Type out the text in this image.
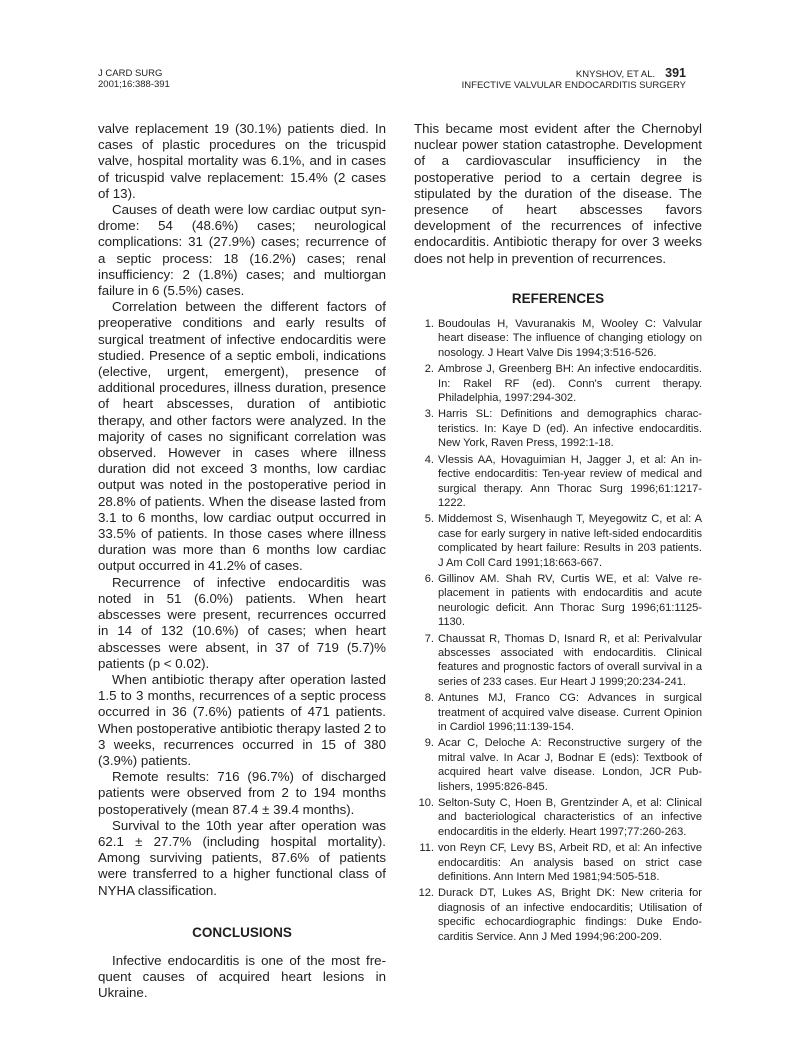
J CARD SURG
2001;16:388-391
KNYSHOV, ET AL. 391
INFECTIVE VALVULAR ENDOCARDITIS SURGERY

valve replacement 19 (30.1%) patients died. In cases of plastic procedures on the tricuspid valve, hospital mortality was 6.1%, and in cases of tricuspid valve replacement: 15.4% (2 cases of 13).

Causes of death were low cardiac output syndrome: 54 (48.6%) cases; neurological complications: 31 (27.9%) cases; recurrence of a septic process: 18 (16.2%) cases; renal insufficiency: 2 (1.8%) cases; and multiorgan failure in 6 (5.5%) cases.

Correlation between the different factors of preoperative conditions and early results of surgical treatment of infective endocarditis were studied. Presence of a septic emboli, indications (elective, urgent, emergent), presence of additional procedures, illness duration, presence of heart abscesses, duration of antibiotic therapy, and other factors were analyzed. In the majority of cases no significant correlation was observed. However in cases where illness duration did not exceed 3 months, low cardiac output was noted in the postoperative period in 28.8% of patients. When the disease lasted from 3.1 to 6 months, low cardiac output occurred in 33.5% of patients. In those cases where illness duration was more than 6 months low cardiac output occurred in 41.2% of cases.

Recurrence of infective endocarditis was noted in 51 (6.0%) patients. When heart abscesses were present, recurrences occurred in 14 of 132 (10.6%) of cases; when heart abscesses were absent, in 37 of 719 (5.7)% patients (p < 0.02).

When antibiotic therapy after operation lasted 1.5 to 3 months, recurrences of a septic process occurred in 36 (7.6%) patients of 471 patients. When postoperative antibiotic therapy lasted 2 to 3 weeks, recurrences occurred in 15 of 380 (3.9%) patients.

Remote results: 716 (96.7%) of discharged patients were observed from 2 to 194 months postoperatively (mean 87.4 ± 39.4 months).

Survival to the 10th year after operation was 62.1 ± 27.7% (including hospital mortality). Among surviving patients, 87.6% of patients were transferred to a higher functional class of NYHA classification.

CONCLUSIONS

Infective endocarditis is one of the most frequent causes of acquired heart lesions in Ukraine.

This became most evident after the Chernobyl nuclear power station catastrophe. Development of a cardiovascular insufficiency in the postoperative period to a certain degree is stipulated by the duration of the disease. The presence of heart abscesses favors development of the recurrences of infective endocarditis. Antibiotic therapy for over 3 weeks does not help in prevention of recurrences.

REFERENCES
1. Boudoulas H, Vavuranakis M, Wooley C: Valvular heart disease: The influence of changing etiology on nosology. J Heart Valve Dis 1994;3:516-526.
2. Ambrose J, Greenberg BH: An infective endocarditis. In: Rakel RF (ed). Conn's current therapy. Philadelphia, 1997:294-302.
3. Harris SL: Definitions and demographics characteristics. In: Kaye D (ed). An infective endocarditis. New York, Raven Press, 1992:1-18.
4. Vlessis AA, Hovaguimian H, Jagger J, et al: An infective endocarditis: Ten-year review of medical and surgical therapy. Ann Thorac Surg 1996;61:1217-1222.
5. Middemost S, Wisenhaugh T, Meyegowitz C, et al: A case for early surgery in native left-sided endocarditis complicated by heart failure: Results in 203 patients. J Am Coll Card 1991;18:663-667.
6. Gillinov AM. Shah RV, Curtis WE, et al: Valve replacement in patients with endocarditis and acute neurologic deficit. Ann Thorac Surg 1996;61:1125-1130.
7. Chaussat R, Thomas D, Isnard R, et al: Perivalvular abscesses associated with endocarditis. Clinical features and prognostic factors of overall survival in a series of 233 cases. Eur Heart J 1999;20:234-241.
8. Antunes MJ, Franco CG: Advances in surgical treatment of acquired valve disease. Current Opinion in Cardiol 1996;11:139-154.
9. Acar C, Deloche A: Reconstructive surgery of the mitral valve. In Acar J, Bodnar E (eds): Textbook of acquired heart valve disease. London, JCR Publishers, 1995:826-845.
10. Selton-Suty C, Hoen B, Grentzinder A, et al: Clinical and bacteriological characteristics of an infective endocarditis in the elderly. Heart 1997;77:260-263.
11. von Reyn CF, Levy BS, Arbeit RD, et al: An infective endocarditis: An analysis based on strict case definitions. Ann Intern Med 1981;94:505-518.
12. Durack DT, Lukes AS, Bright DK: New criteria for diagnosis of an infective endocarditis; Utilisation of specific echocardiographic findings: Duke Endocarditis Service. Ann J Med 1994;96:200-209.
